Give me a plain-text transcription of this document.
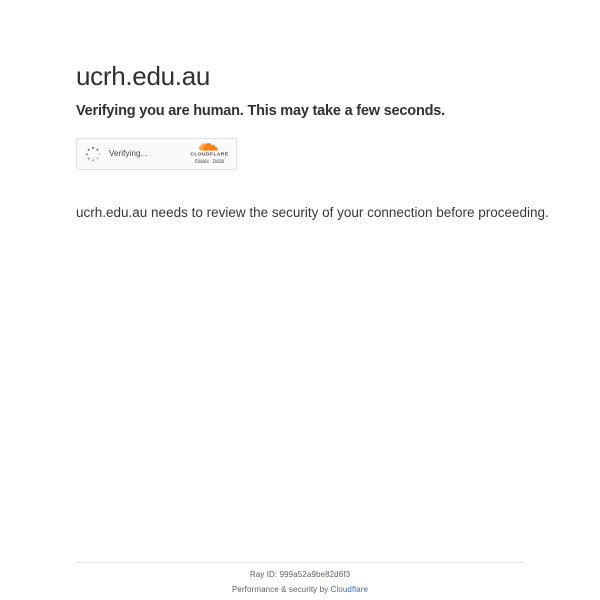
ucrh.edu.au
Verifying you are human. This may take a few seconds.
Verifying...	CLOUDFLARE
Privacy · Terms

ucrh.edu.au needs to review the security of your connection before proceeding.

Ray ID: 999a52a9be82d6f3
Performance & security by Cloudflare
